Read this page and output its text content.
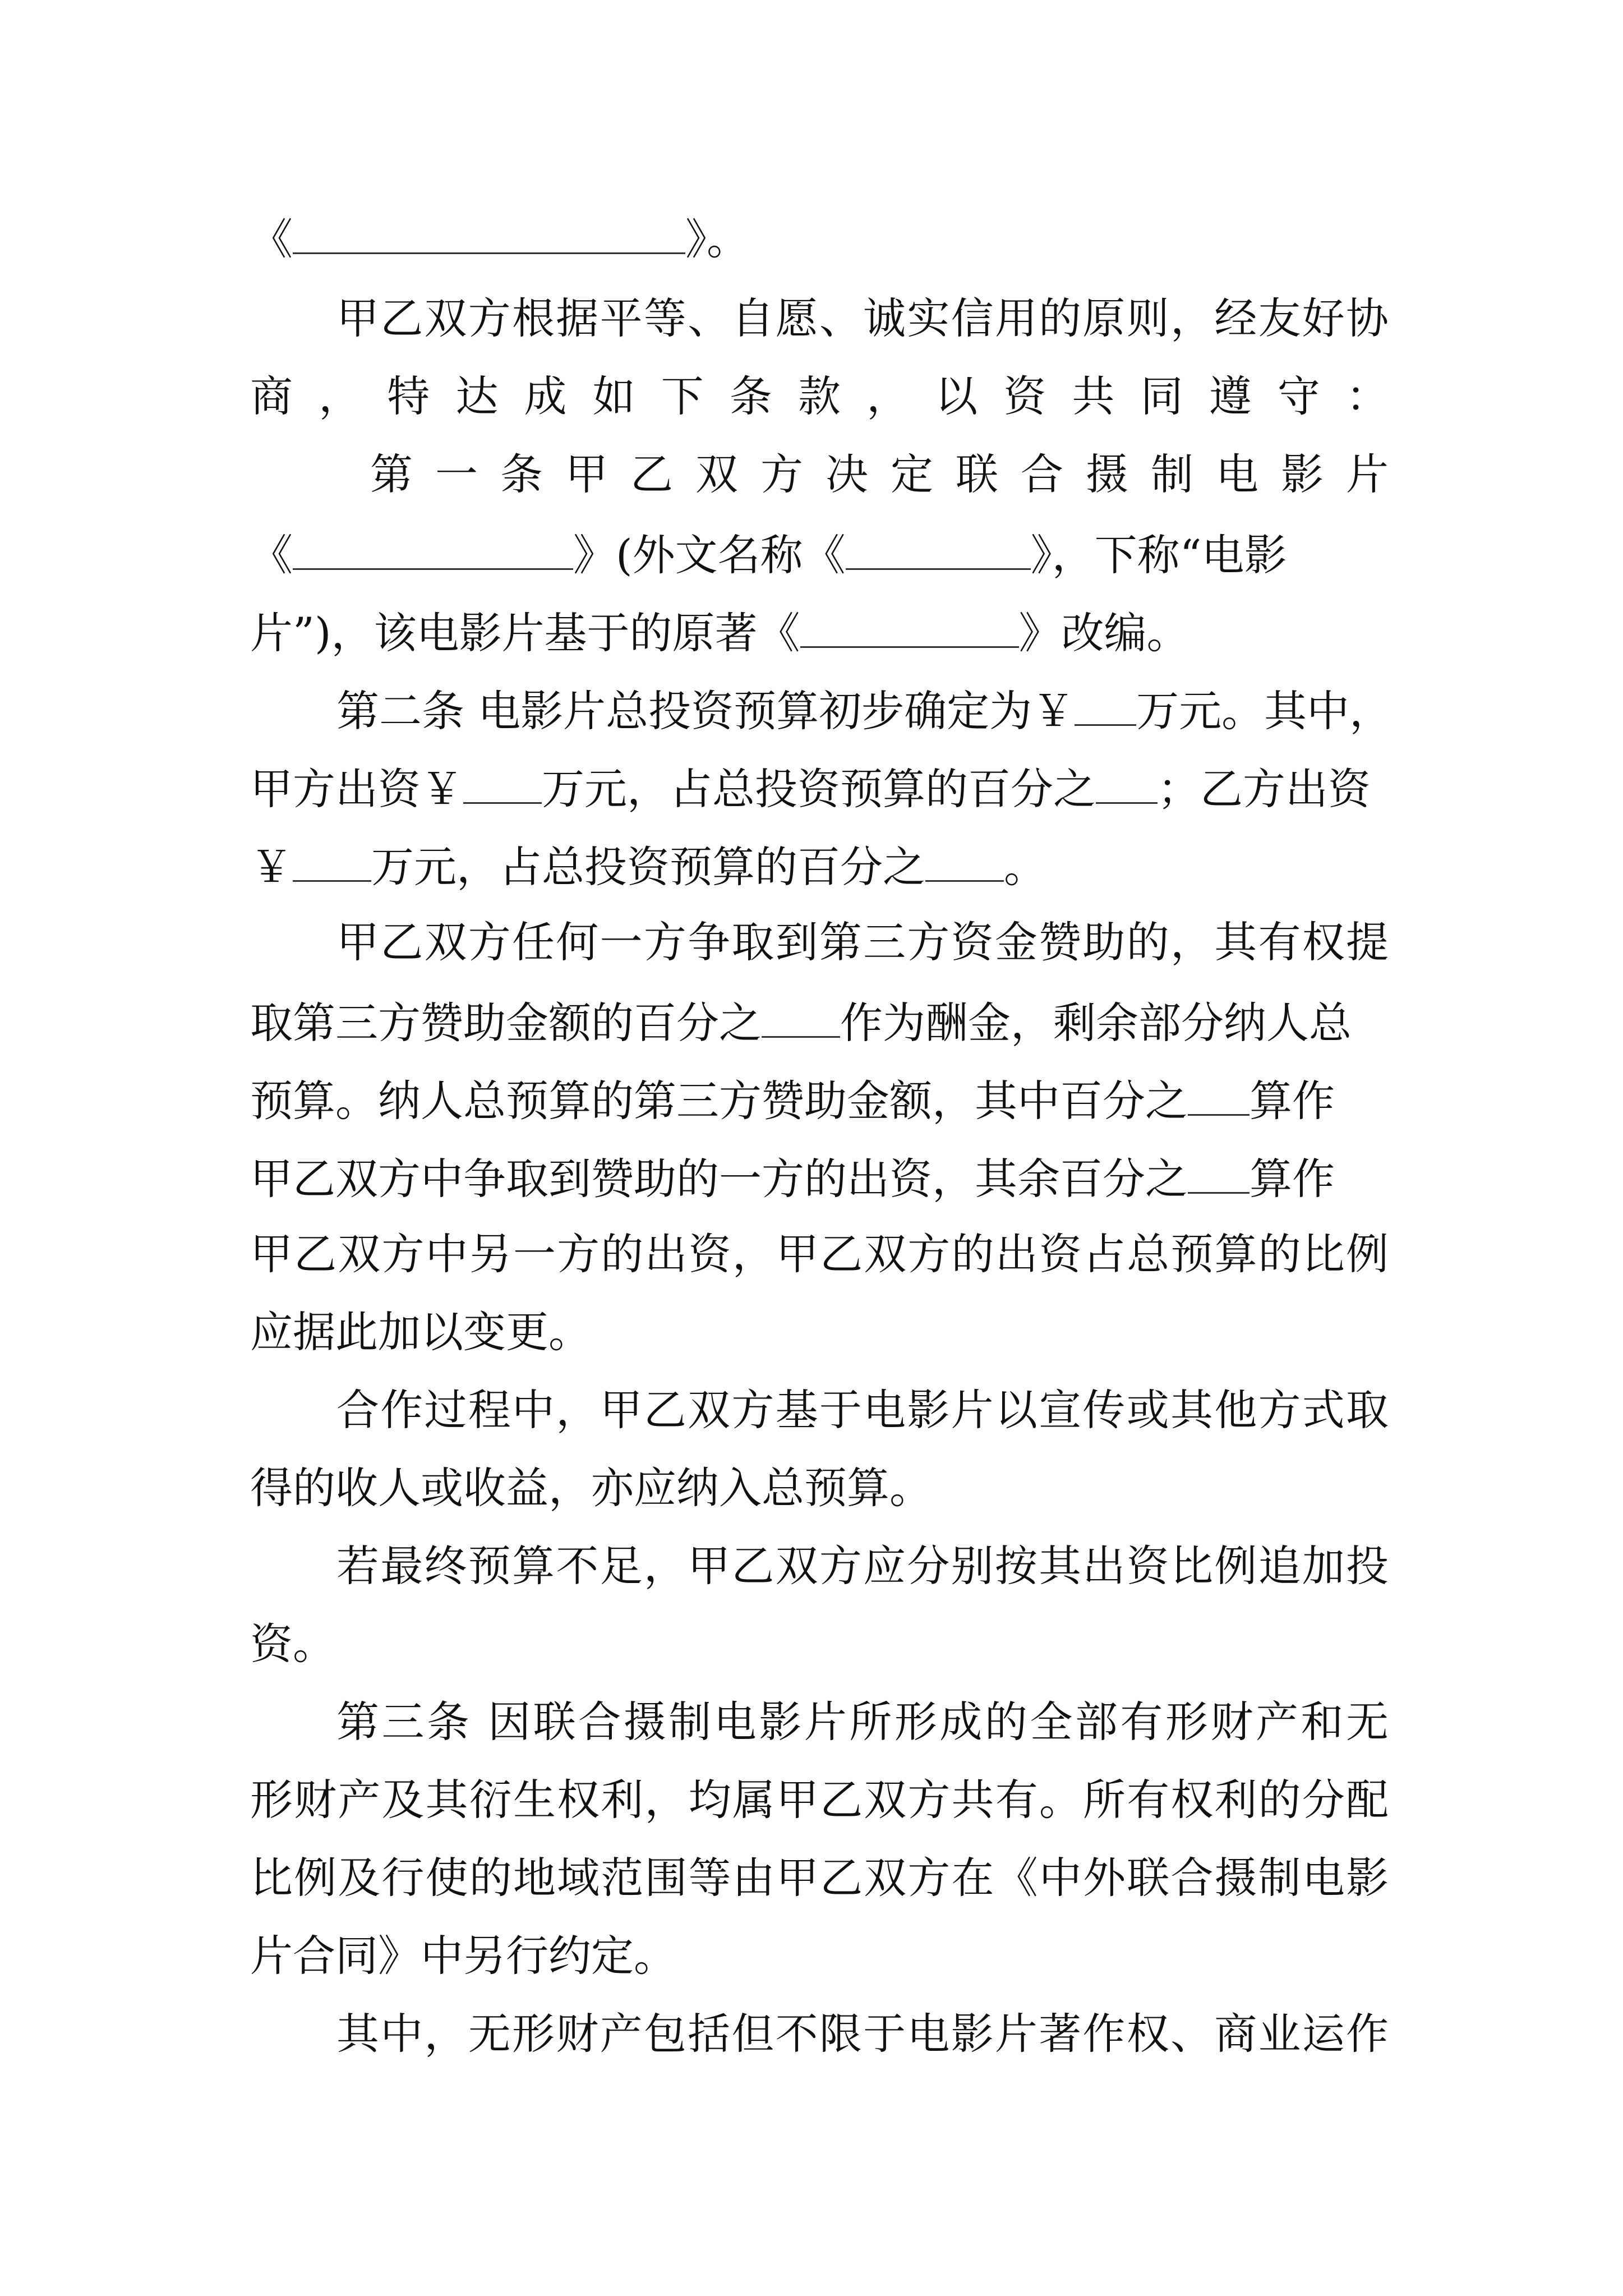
《	》。

甲乙双方根据平等、自愿、诚实信用的原则，经友好协

商，特达成如下条款，以资共同遵守：

第 一 条 甲 乙 双 方 决 定 联 合 摄 制 电 影 片

《	》(外文名称《	》，下称“电影

片”)，该电影片基于的原著《	》改编。

第二条 电影片总投资预算初步确定为￥ 万元。其中，

甲方出资￥ 万元，占总投资预算的百分之 ；乙方出资

￥ 万元，占总投资预算的百分之 。

甲乙双方任何一方争取到第三方资金赞助的，其有权提

取第三方赞助金额的百分之 作为酬金，剩余部分纳人总

预算。纳人总预算的第三方赞助金额，其中百分之 算作

甲乙双方中争取到赞助的一方的出资，其余百分之 算作

甲乙双方中另一方的出资，甲乙双方的出资占总预算的比例

应据此加以变更。

合作过程中，甲乙双方基于电影片以宣传或其他方式取

得的收人或收益，亦应纳入总预算。

若最终预算不足，甲乙双方应分别按其出资比例追加投

资。

第三条 因联合摄制电影片所形成的全部有形财产和无

形财产及其衍生权利，均属甲乙双方共有。所有权利的分配

比例及行使的地域范围等由甲乙双方在《中外联合摄制电影

片合同》中另行约定。

其中，无形财产包括但不限于电影片著作权、商业运作
